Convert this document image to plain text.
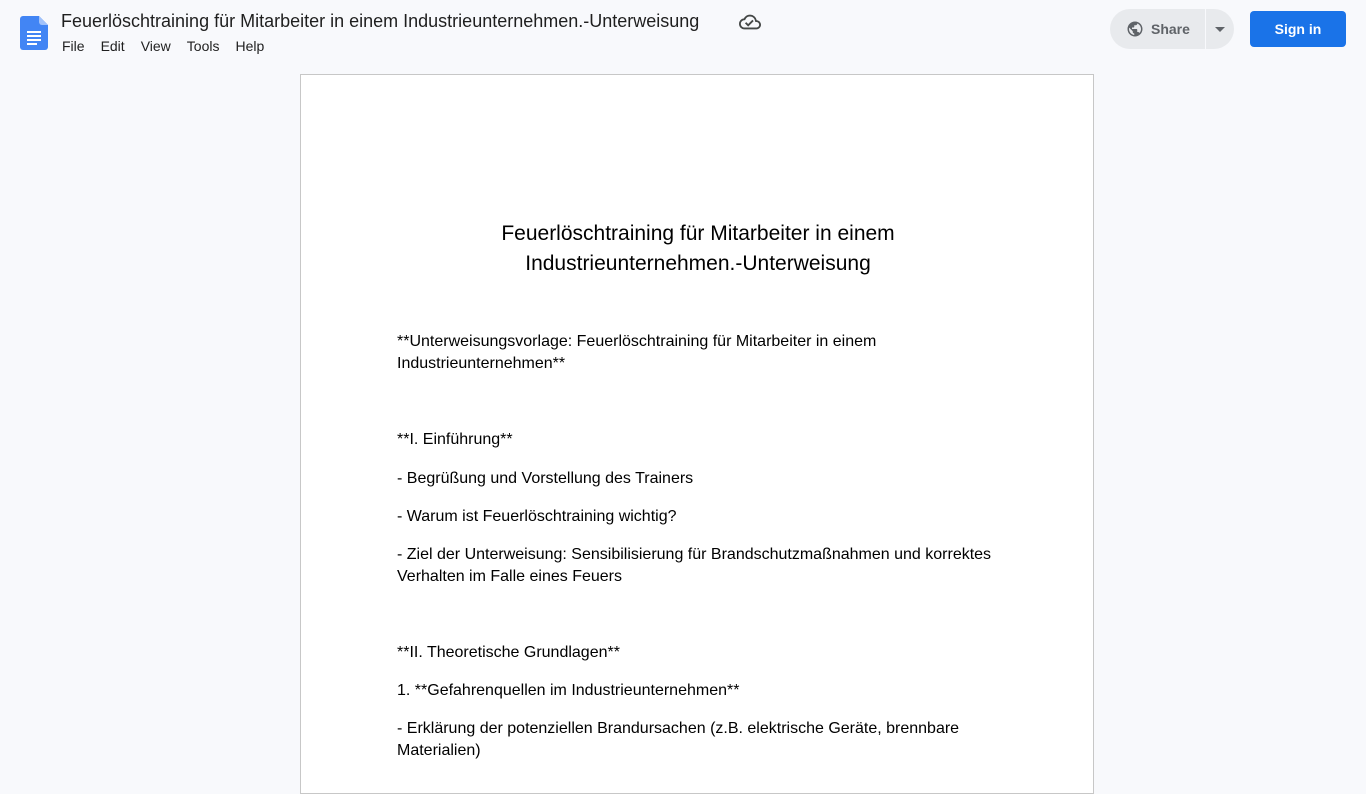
Feuerlöschtraining für Mitarbeiter in einem Industrieunternehmen.-Unterweisung
File	Edit	View	Tools	Help
Share	Sign in
Feuerlöschtraining für Mitarbeiter in einem
Industrieunternehmen.-Unterweisung

**Unterweisungsvorlage: Feuerlöschtraining für Mitarbeiter in einem Industrieunternehmen**

**I. Einführung**

- Begrüßung und Vorstellung des Trainers

- Warum ist Feuerlöschtraining wichtig?

- Ziel der Unterweisung: Sensibilisierung für Brandschutzmaßnahmen und korrektes Verhalten im Falle eines Feuers

**II. Theoretische Grundlagen**

1. **Gefahrenquellen im Industrieunternehmen**

- Erklärung der potenziellen Brandursachen (z.B. elektrische Geräte, brennbare Materialien)
